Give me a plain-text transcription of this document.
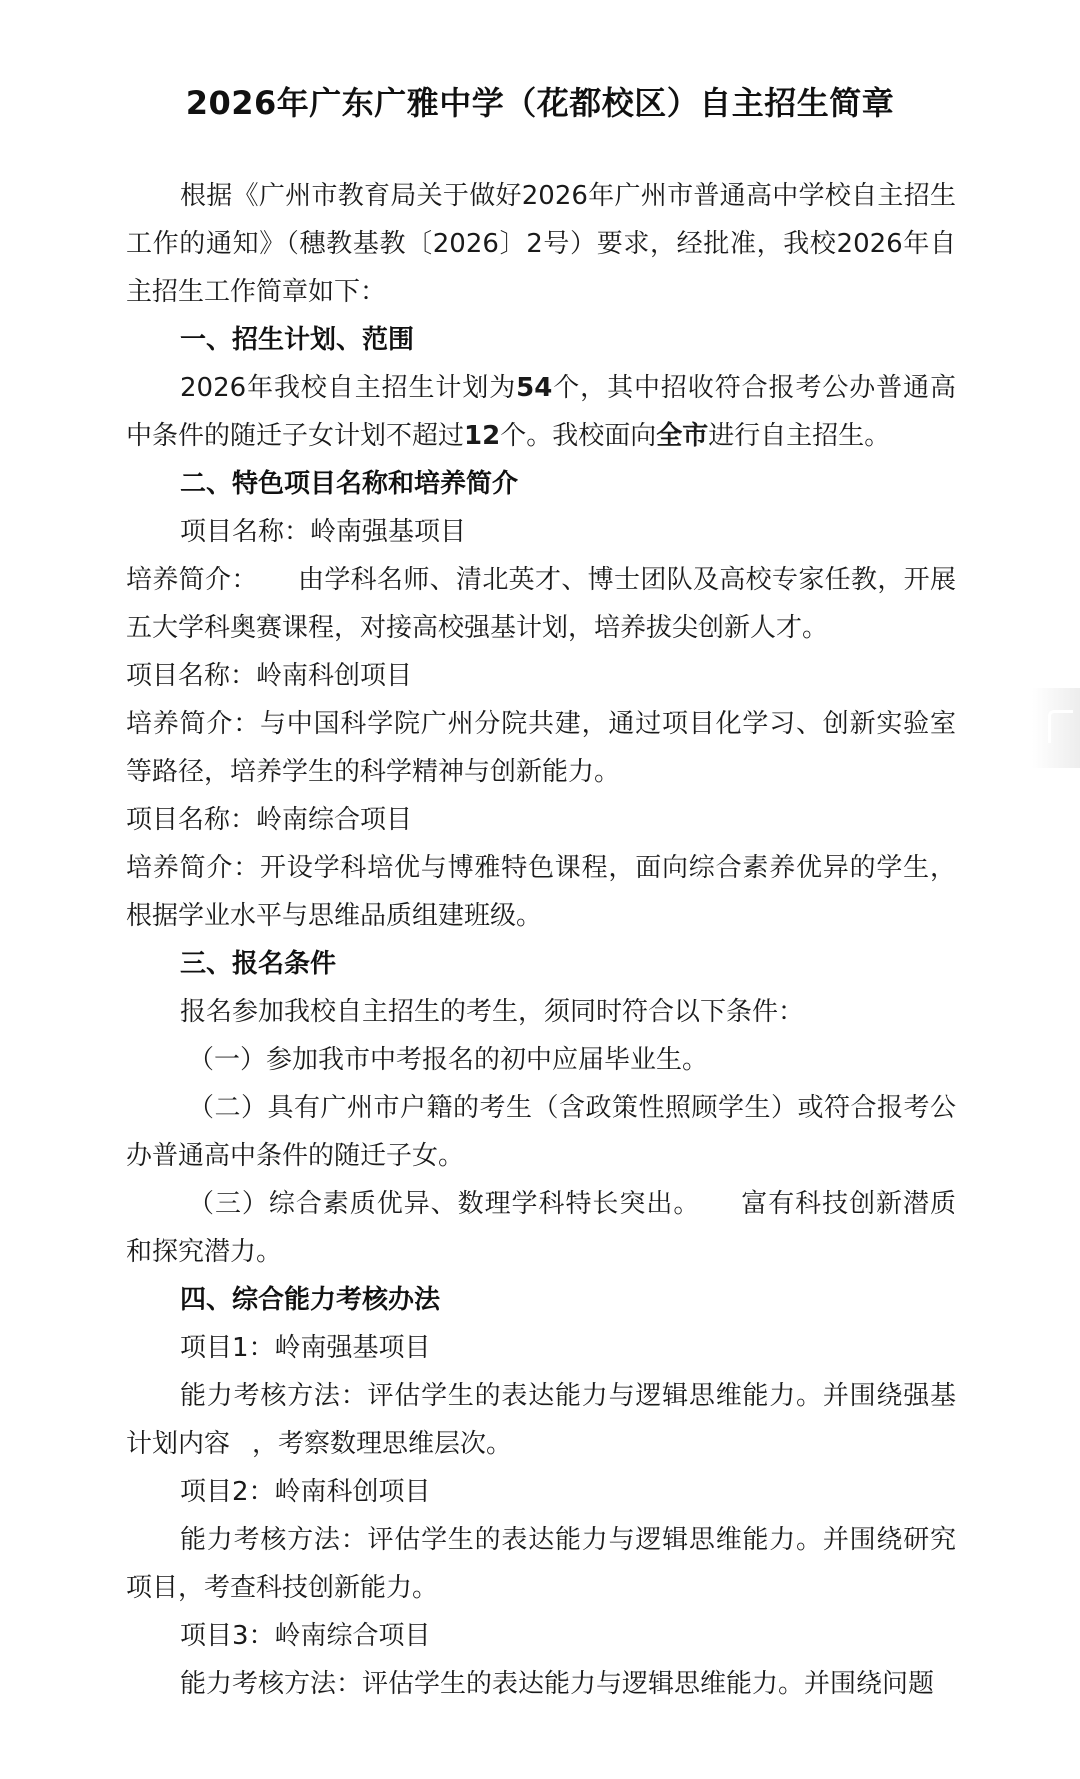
2026年广东广雅中学（花都校区）自主招生简章

根据《广州市教育局关于做好2026年广州市普通高中学校自主招生工作的通知》（穗教基教〔2026〕2号）要求，经批准，我校2026年自主招生工作简章如下：

一、招生计划、范围

2026年我校自主招生计划为54个，其中招收符合报考公办普通高中条件的随迁子女计划不超过12个。我校面向全市进行自主招生。

二、特色项目名称和培养简介

项目名称：岭南强基项目

培养简介： 由学科名师、清北英才、博士团队及高校专家任教，开展五大学科奥赛课程，对接高校强基计划，培养拔尖创新人才。

项目名称：岭南科创项目

培养简介：与中国科学院广州分院共建，通过项目化学习、创新实验室等路径，培养学生的科学精神与创新能力。

项目名称：岭南综合项目

培养简介：开设学科培优与博雅特色课程，面向综合素养优异的学生，根据学业水平与思维品质组建班级。

三、报名条件

报名参加我校自主招生的考生，须同时符合以下条件：

（一）参加我市中考报名的初中应届毕业生。

（二）具有广州市户籍的考生（含政策性照顾学生）或符合报考公办普通高中条件的随迁子女。

（三）综合素质优异、数理学科特长突出。 富有科技创新潜质和探究潜力。

四、综合能力考核办法

项目1：岭南强基项目

能力考核方法：评估学生的表达能力与逻辑思维能力。并围绕强基计划内容 ，考察数理思维层次。

项目2：岭南科创项目

能力考核方法：评估学生的表达能力与逻辑思维能力。并围绕研究项目，考查科技创新能力。

项目3：岭南综合项目

能力考核方法：评估学生的表达能力与逻辑思维能力。并围绕问题
